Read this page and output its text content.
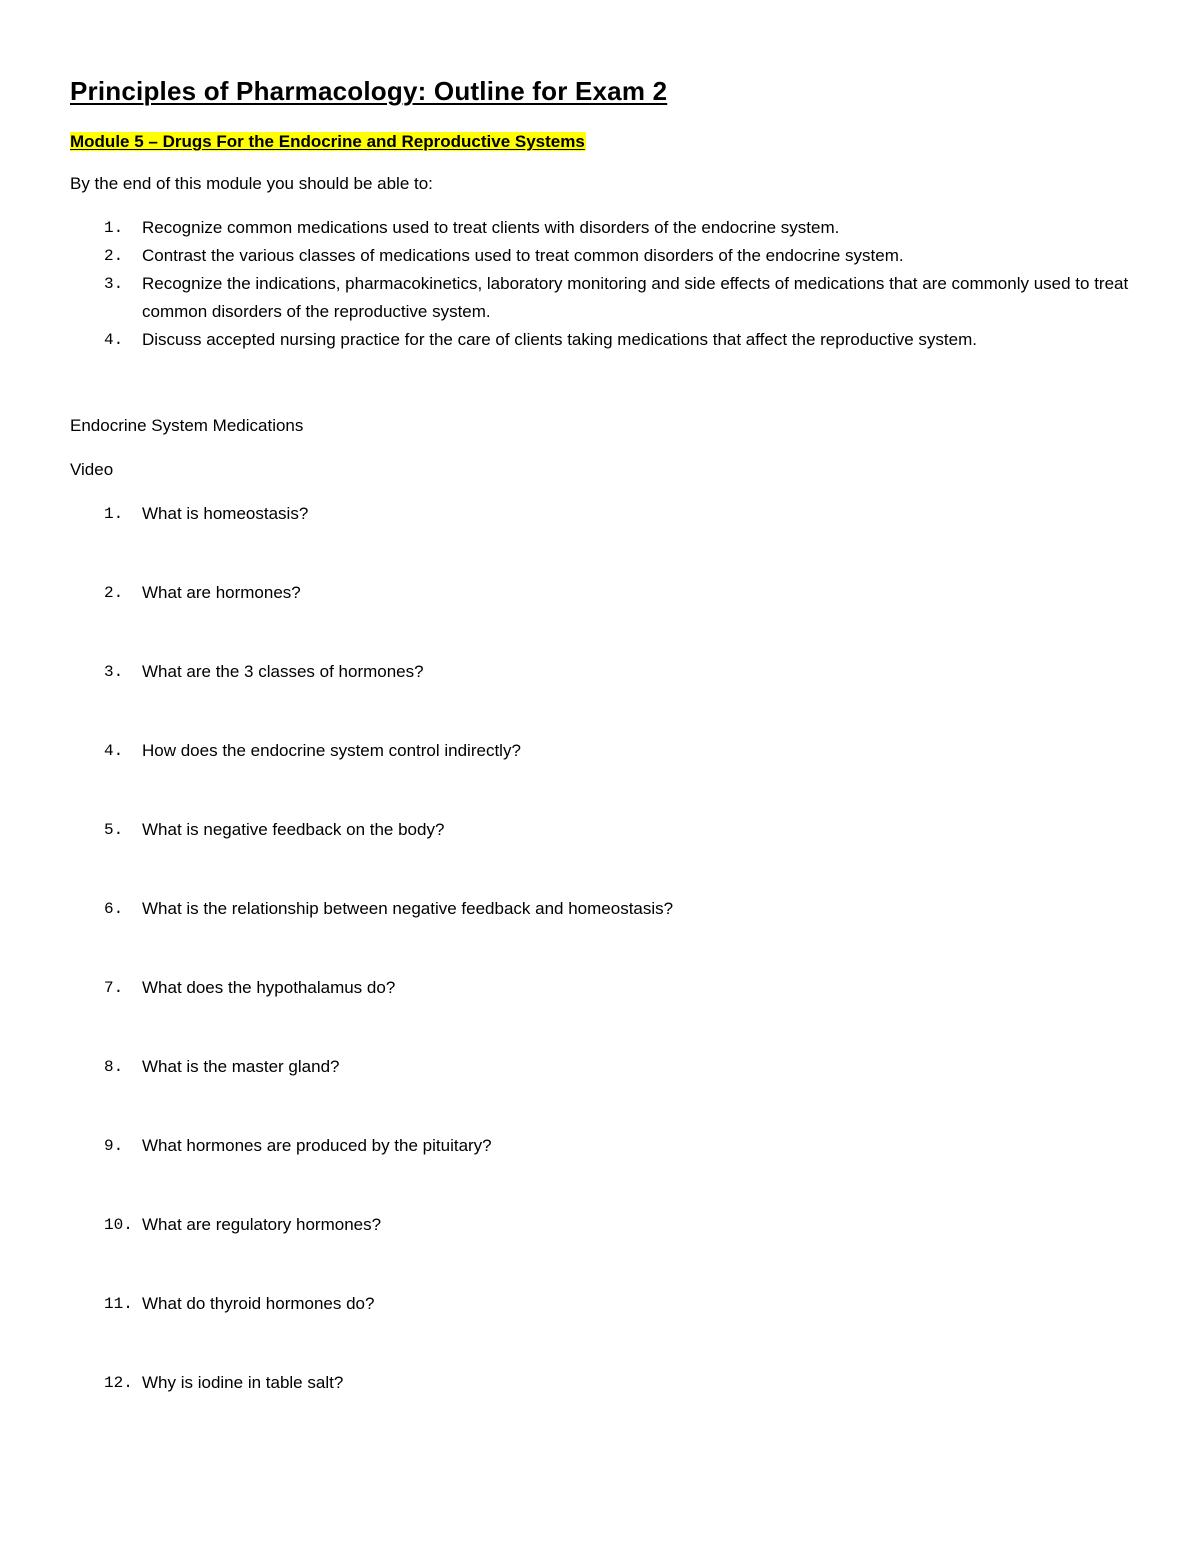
Principles of Pharmacology: Outline for Exam 2
Module 5 – Drugs For the Endocrine and Reproductive Systems
By the end of this module you should be able to:
1.	Recognize common medications used to treat clients with disorders of the endocrine system.
2.	Contrast the various classes of medications used to treat common disorders of the endocrine system.
3.	Recognize the indications, pharmacokinetics, laboratory monitoring and side effects of medications that are commonly used to treat common disorders of the reproductive system.
4.	Discuss accepted nursing practice for the care of clients taking medications that affect the reproductive system.
Endocrine System Medications
Video
1.	What is homeostasis?
2.	What are hormones?
3.	What are the 3 classes of hormones?
4.	How does the endocrine system control indirectly?
5.	What is negative feedback on the body?
6.	What is the relationship between negative feedback and homeostasis?
7.	What does the hypothalamus do?
8.	What is the master gland?
9.	What hormones are produced by the pituitary?
10. What are regulatory hormones?
11. What do thyroid hormones do?
12. Why is iodine in table salt?
